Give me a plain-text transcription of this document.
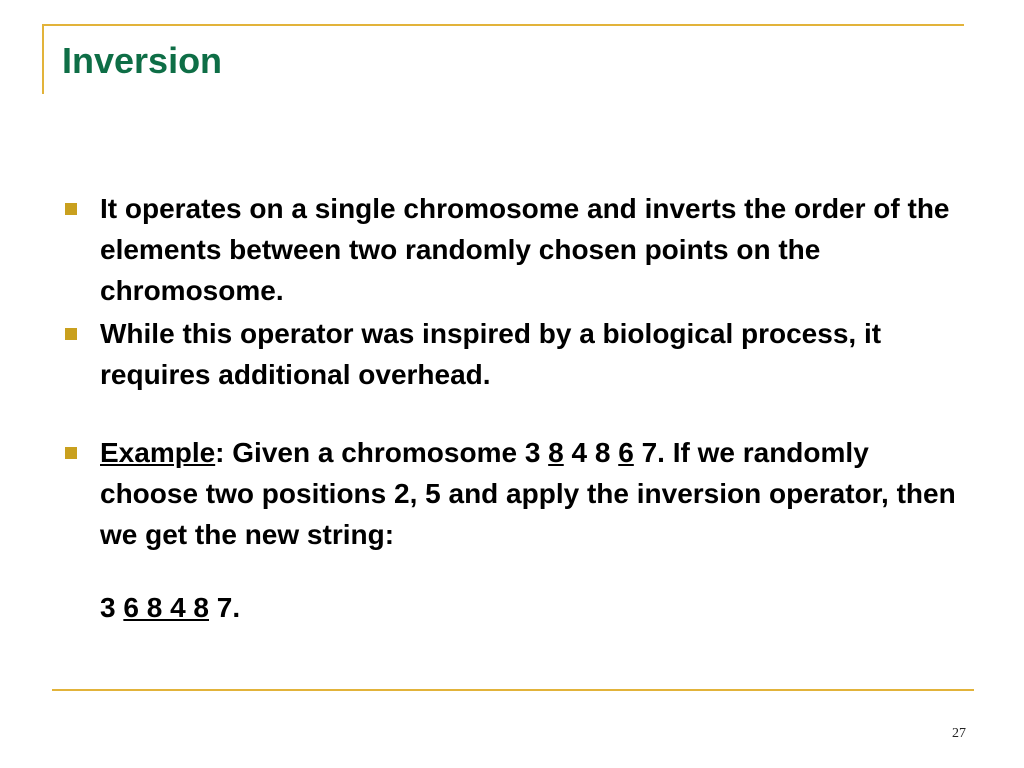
Inversion
It operates on a single chromosome and inverts the order of the elements between two randomly chosen points on the chromosome.
While this operator was inspired by a biological process, it requires additional overhead.
Example: Given a chromosome 3 8 4 8 6 7. If we randomly choose two positions 2, 5 and apply the inversion operator, then we get the new string:
3 6 8 4 8 7.
27
